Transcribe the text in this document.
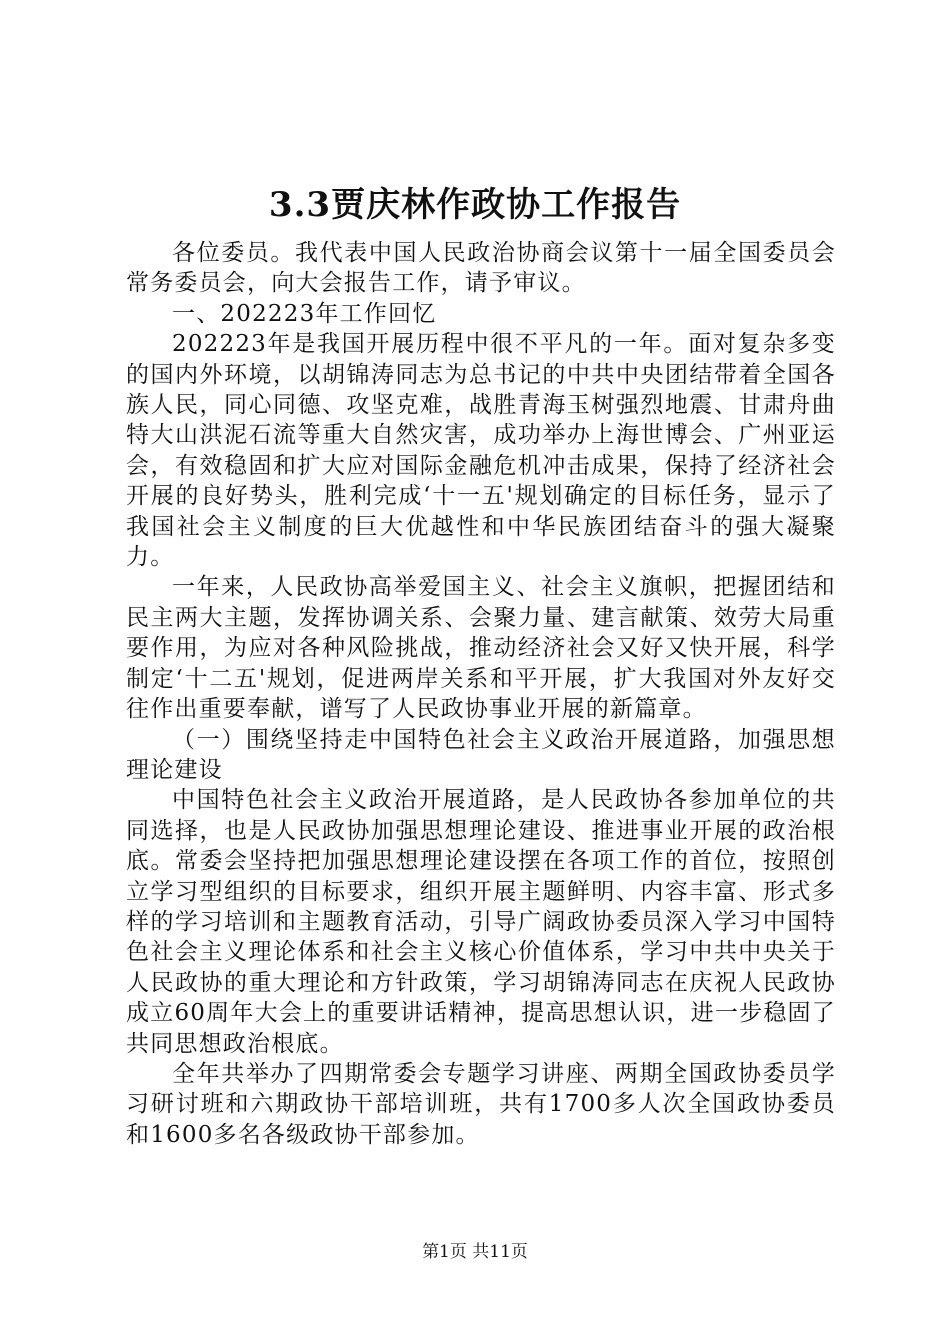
3.3贾庆林作政协工作报告

各位委员。我代表中国人民政治协商会议第十一届全国委员会常务委员会，向大会报告工作，请予审议。

一、202223年工作回忆

202223年是我国开展历程中很不平凡的一年。面对复杂多变的国内外环境，以胡锦涛同志为总书记的中共中央团结带着全国各族人民，同心同德、攻坚克难，战胜青海玉树强烈地震、甘肃舟曲特大山洪泥石流等重大自然灾害，成功举办上海世博会、广州亚运会，有效稳固和扩大应对国际金融危机冲击成果，保持了经济社会开展的良好势头，胜利完成‘十一五'规划确定的目标任务，显示了我国社会主义制度的巨大优越性和中华民族团结奋斗的强大凝聚力。

一年来，人民政协高举爱国主义、社会主义旗帜，把握团结和民主两大主题，发挥协调关系、会聚力量、建言献策、效劳大局重要作用，为应对各种风险挑战，推动经济社会又好又快开展，科学制定‘十二五'规划，促进两岸关系和平开展，扩大我国对外友好交往作出重要奉献，谱写了人民政协事业开展的新篇章。

（一）围绕坚持走中国特色社会主义政治开展道路，加强思想理论建设

中国特色社会主义政治开展道路，是人民政协各参加单位的共同选择，也是人民政协加强思想理论建设、推进事业开展的政治根底。常委会坚持把加强思想理论建设摆在各项工作的首位，按照创立学习型组织的目标要求，组织开展主题鲜明、内容丰富、形式多样的学习培训和主题教育活动，引导广阔政协委员深入学习中国特色社会主义理论体系和社会主义核心价值体系，学习中共中央关于人民政协的重大理论和方针政策，学习胡锦涛同志在庆祝人民政协成立60周年大会上的重要讲话精神，提高思想认识，进一步稳固了共同思想政治根底。

全年共举办了四期常委会专题学习讲座、两期全国政协委员学习研讨班和六期政协干部培训班，共有1700多人次全国政协委员和1600多名各级政协干部参加。

第1页 共11页
